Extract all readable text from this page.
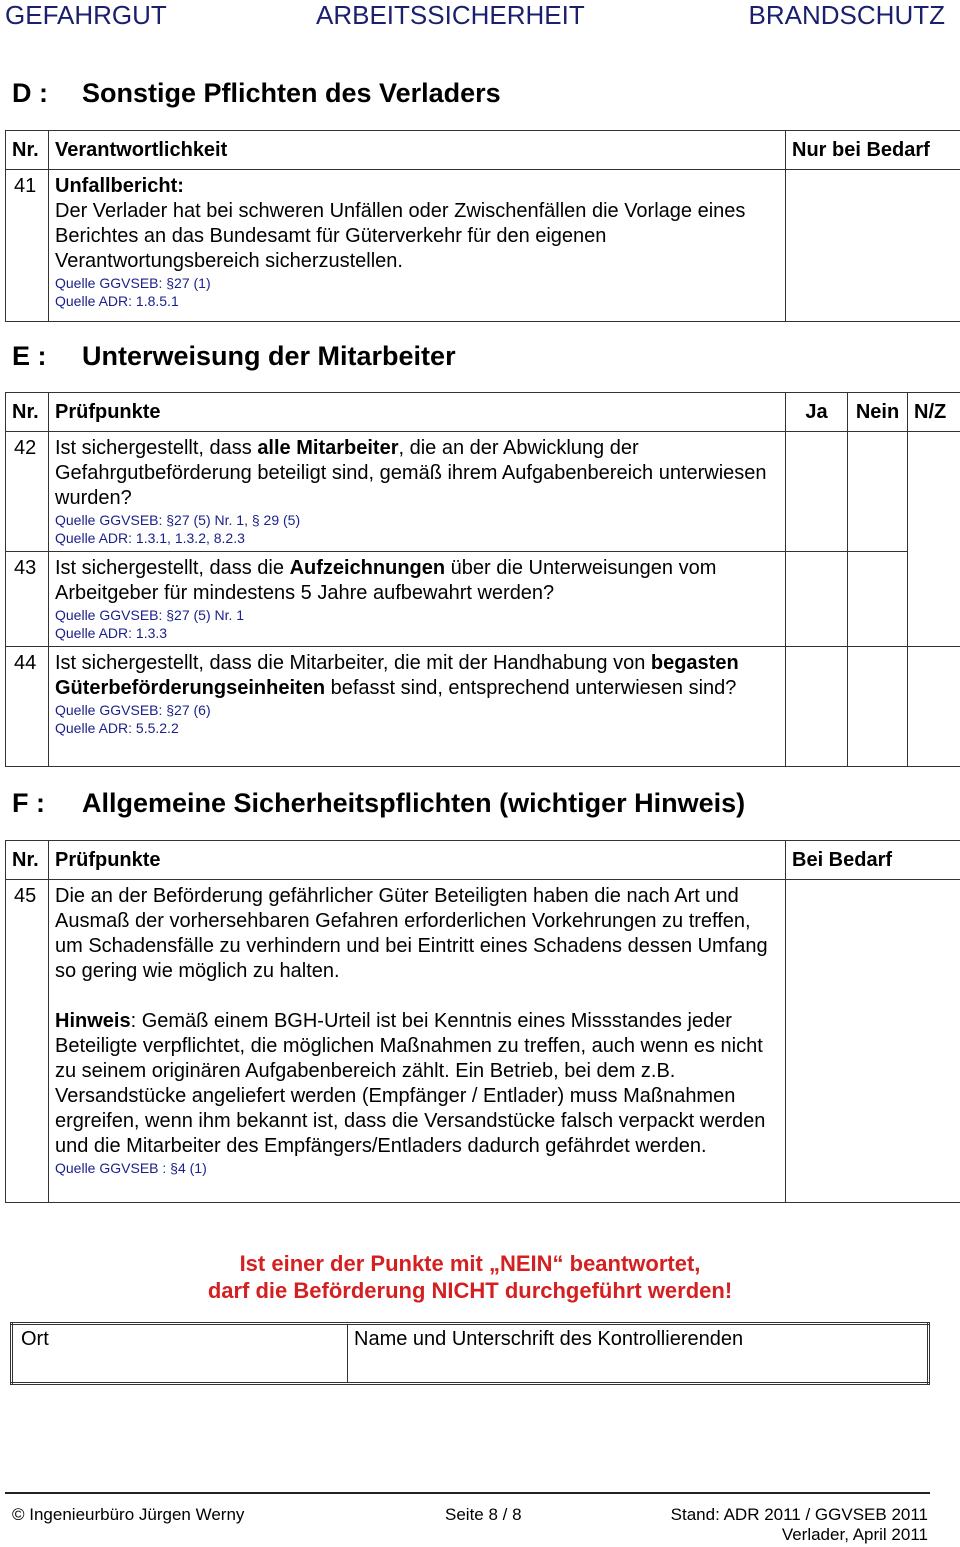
GEFAHRGUT	ARBEITSSICHERHEIT	BRANDSCHUTZ
D : Sonstige Pflichten des Verladers
Nr.	Verantwortlichkeit	Nur bei Bedarf
41	Unfallbericht:
Der Verlader hat bei schweren Unfällen oder Zwischenfällen die Vorlage eines Berichtes an das Bundesamt für Güterverkehr für den eigenen Verantwortungsbereich sicherzustellen.
Quelle GGVSEB: §27 (1)
Quelle ADR: 1.8.5.1	

E : Unterweisung der Mitarbeiter
Nr.	Prüfpunkte	Ja	Nein	N/Z
42	Ist sichergestellt, dass alle Mitarbeiter, die an der Abwicklung der Gefahrgutbeförderung beteiligt sind, gemäß ihrem Aufgabenbereich unterwiesen wurden?
Quelle GGVSEB: §27 (5) Nr. 1, § 29 (5)
Quelle ADR: 1.3.1, 1.3.2, 8.2.3			

43	Ist sichergestellt, dass die Aufzeichnungen über die Unterweisungen vom Arbeitgeber für mindestens 5 Jahre aufbewahrt werden?
Quelle GGVSEB: §27 (5) Nr. 1
Quelle ADR: 1.3.3			

44	Ist sichergestellt, dass die Mitarbeiter, die mit der Handhabung von begasten Güterbeförderungseinheiten befasst sind, entsprechend unterwiesen sind?
Quelle GGVSEB: §27 (6)
Quelle ADR: 5.5.2.2			

F : Allgemeine Sicherheitspflichten (wichtiger Hinweis)
Nr.	Prüfpunkte	Bei Bedarf
45	Die an der Beförderung gefährlicher Güter Beteiligten haben die nach Art und Ausmaß der vorhersehbaren Gefahren erforderlichen Vorkehrungen zu treffen, um Schadensfälle zu verhindern und bei Eintritt eines Schadens dessen Umfang so gering wie möglich zu halten.
Hinweis: Gemäß einem BGH-Urteil ist bei Kenntnis eines Missstandes jeder Beteiligte verpflichtet, die möglichen Maßnahmen zu treffen, auch wenn es nicht zu seinem originären Aufgabenbereich zählt. Ein Betrieb, bei dem z.B. Versandstücke angeliefert werden (Empfänger / Entlader) muss Maßnahmen ergreifen, wenn ihm bekannt ist, dass die Versandstücke falsch verpackt werden und die Mitarbeiter des Empfängers/Entladers dadurch gefährdet werden.
Quelle GGVSEB : §4 (1)	

Ist einer der Punkte mit „NEIN“ beantwortet,
darf die Beförderung NICHT durchgeführt werden!
Ort	Name und Unterschrift des Kontrollierenden
© Ingenieurbüro Jürgen Werny	Seite 8 / 8	Stand: ADR 2011 / GGVSEB 2011
Verlader, April 2011
